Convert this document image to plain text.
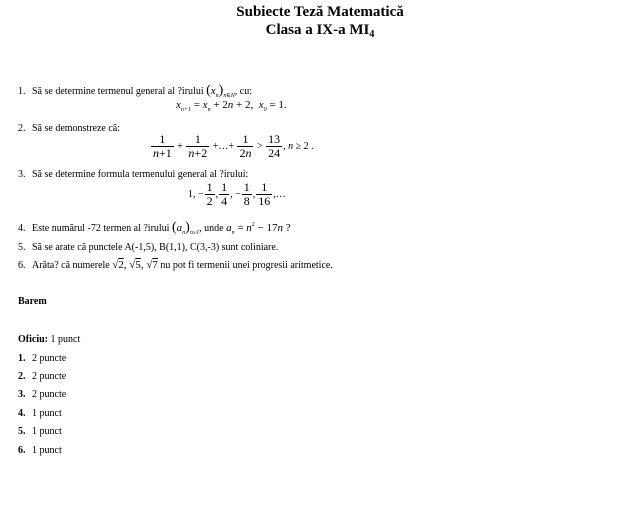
Subiecte Teză Matematică
Clasa a IX-a $MI_4$
1. Să se determine termenul general al ?irului $(x_n)_{n\in N}$, cu:
$x_{n+1} = x_n + 2n + 2$,  $x_0 = 1$.
2. Să se demonstreze că:
$\frac{1}{n+1} + \frac{1}{n+2}$ +…+ $\frac{1}{2n} > \frac{13}{24}$ , n ≥ 2 .
3. Să se determine formula termenului general al ?irului:
1, − $\frac{1}{2}$ , $\frac{1}{4}$ , − $\frac{1}{8}$ , $\frac{1}{16}$ ,…
4. Este numărul -72 termen al ?irului $(a_n)_{n\ge 1}$, unde $a_n = n^2 - 17n$ ?
5. Să se arate că punctele A(-1,5), B(1,1), C(3,-3) sunt coliniare.
6. Arăta? că numerele √2, √5, √7 nu pot fi termenii unei progresii aritmetice.
Barem
Oficiu: 1 punct
1. 2 puncte
2. 2 puncte
3. 2 puncte
4. 1 punct
5. 1 punct
6. 1 punct
